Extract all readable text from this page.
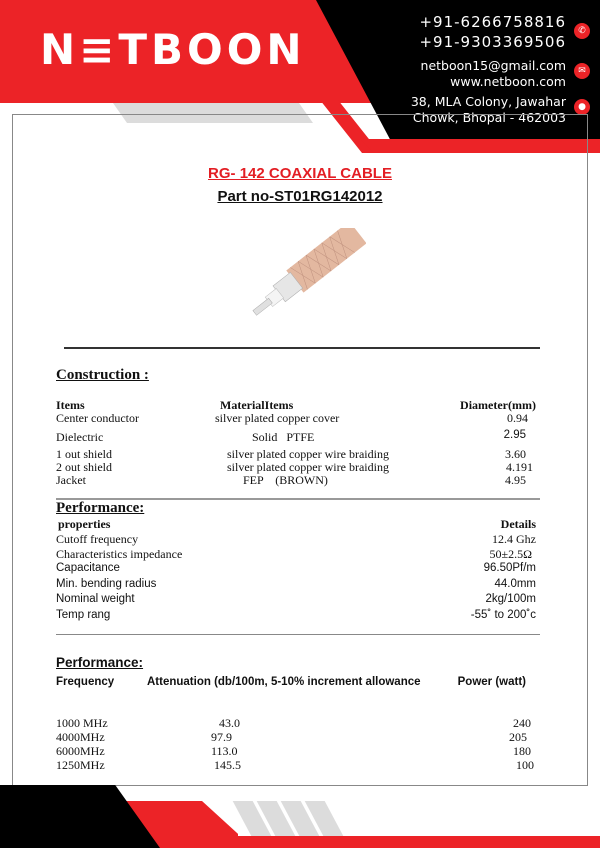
N≡TBOON
+91-6266758816
+91-9303369506
✆
netboon15@gmail.com
www.netboon.com
✉
38, MLA Colony, Jawahar
Chowk, Bhopal - 462003
●
RG- 142 COAXIAL CABLE
Part no-ST01RG142012
Construction :
Items	MaterialItems	Diameter(mm)
Center conductor	silver plated copper cover	0.94
Dielectric	Solid   PTFE	2.95
1 out shield	silver plated copper wire braiding	3.60
2 out shield	silver plated copper wire braiding	4.191
Jacket	FEP    (BROWN)	4.95
Performance:
properties	Details
Cutoff frequency	12.4 Ghz
Characteristics impedance	50±2.5Ω
Capacitance	96.50Pf/m
Min. bending radius	44.0mm
Nominal weight	2kg/100m
Temp rang	-55˚ to 200˚c
Performance:
Frequency	Attenuation (db/100m, 5-10% increment allowance	Power (watt)
1000 MHz	43.0	240
4000MHz	97.9	205
6000MHz	113.0	180
1250MHz	145.5	100
